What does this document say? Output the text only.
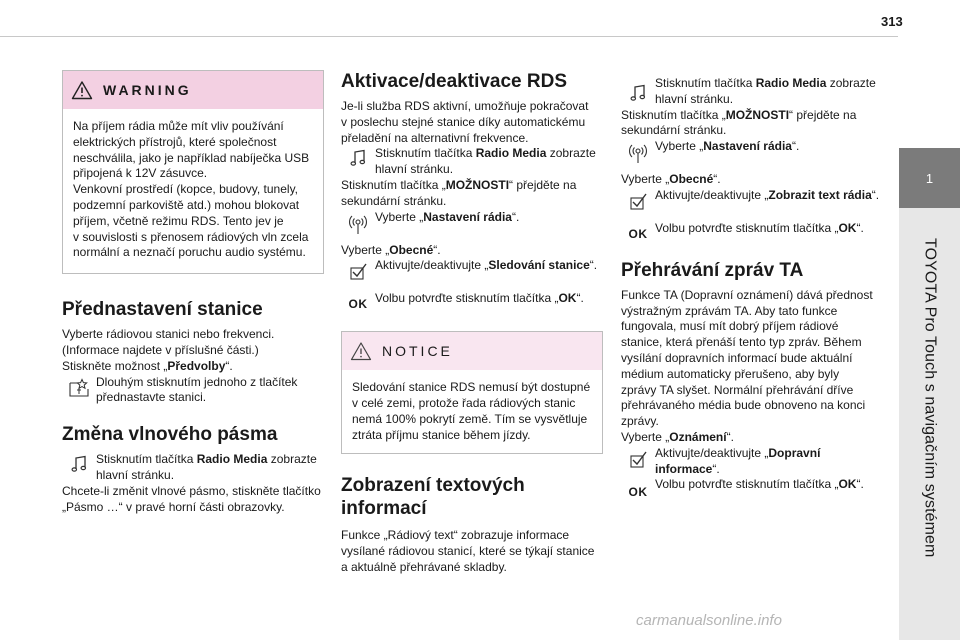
313
1
TOYOTA Pro Touch s navigačním systémem
WARNING
Na příjem rádia může mít vliv používání
elektrických přístrojů, které společnost
neschválila, jako je například nabíječka USB
připojená k 12V zásuvce.
Venkovní prostředí (kopce, budovy, tunely,
podzemní parkoviště atd.) mohou blokovat
příjem, včetně režimu RDS. Tento jev je
v souvislosti s přenosem rádiových vln zcela
normální a neznačí poruchu audio systému.
Přednastavení stanice
Vyberte rádiovou stanici nebo frekvenci.
(Informace najdete v příslušné části.)
Stiskněte možnost „Předvolby“.
Dlouhým stisknutím jednoho z tlačítek
přednastavte stanici.
Změna vlnového pásma
Stisknutím tlačítka Radio Media zobrazte
hlavní stránku.
Chcete-li změnit vlnové pásmo, stiskněte tlačítko
„Pásmo …“ v pravé horní části obrazovky.
Aktivace/deaktivace RDS
Je-li služba RDS aktivní, umožňuje pokračovat
v poslechu stejné stanice díky automatickému
přeladění na alternativní frekvence.
Stisknutím tlačítka Radio Media zobrazte
hlavní stránku.
Stisknutím tlačítka „MOŽNOSTI“ přejděte na
sekundární stránku.
Vyberte „Nastavení rádia“.
Vyberte „Obecné“.
Aktivujte/deaktivujte „Sledování stanice“.
OK Volbu potvrďte stisknutím tlačítka „OK“.
NOTICE
Sledování stanice RDS nemusí být dostupné
v celé zemi, protože řada rádiových stanic
nemá 100% pokrytí země. Tím se vysvětluje
ztráta příjmu stanice během jízdy.
Zobrazení textových
informací
Funkce „Rádiový text“ zobrazuje informace
vysílané rádiovou stanicí, které se týkají stanice
a aktuálně přehrávané skladby.
Stisknutím tlačítka Radio Media zobrazte
hlavní stránku.
Stisknutím tlačítka „MOŽNOSTI“ přejděte na
sekundární stránku.
Vyberte „Nastavení rádia“.
Vyberte „Obecné“.
Aktivujte/deaktivujte „Zobrazit text rádia“.
OK Volbu potvrďte stisknutím tlačítka „OK“.
Přehrávání zpráv TA
Funkce TA (Dopravní oznámení) dává přednost
výstražným zprávám TA. Aby tato funkce
fungovala, musí mít dobrý příjem rádiové
stanice, která přenáší tento typ zpráv. Během
vysílání dopravních informací bude aktuální
médium automaticky přerušeno, aby byly
zprávy TA slyšet. Normální přehrávání dříve
přehrávaného média bude obnoveno na konci
zprávy.
Vyberte „Oznámení“.
Aktivujte/deaktivujte „Dopravní
informace“.
OK
Volbu potvrďte stisknutím tlačítka „OK“.
carmanualsonline.info
